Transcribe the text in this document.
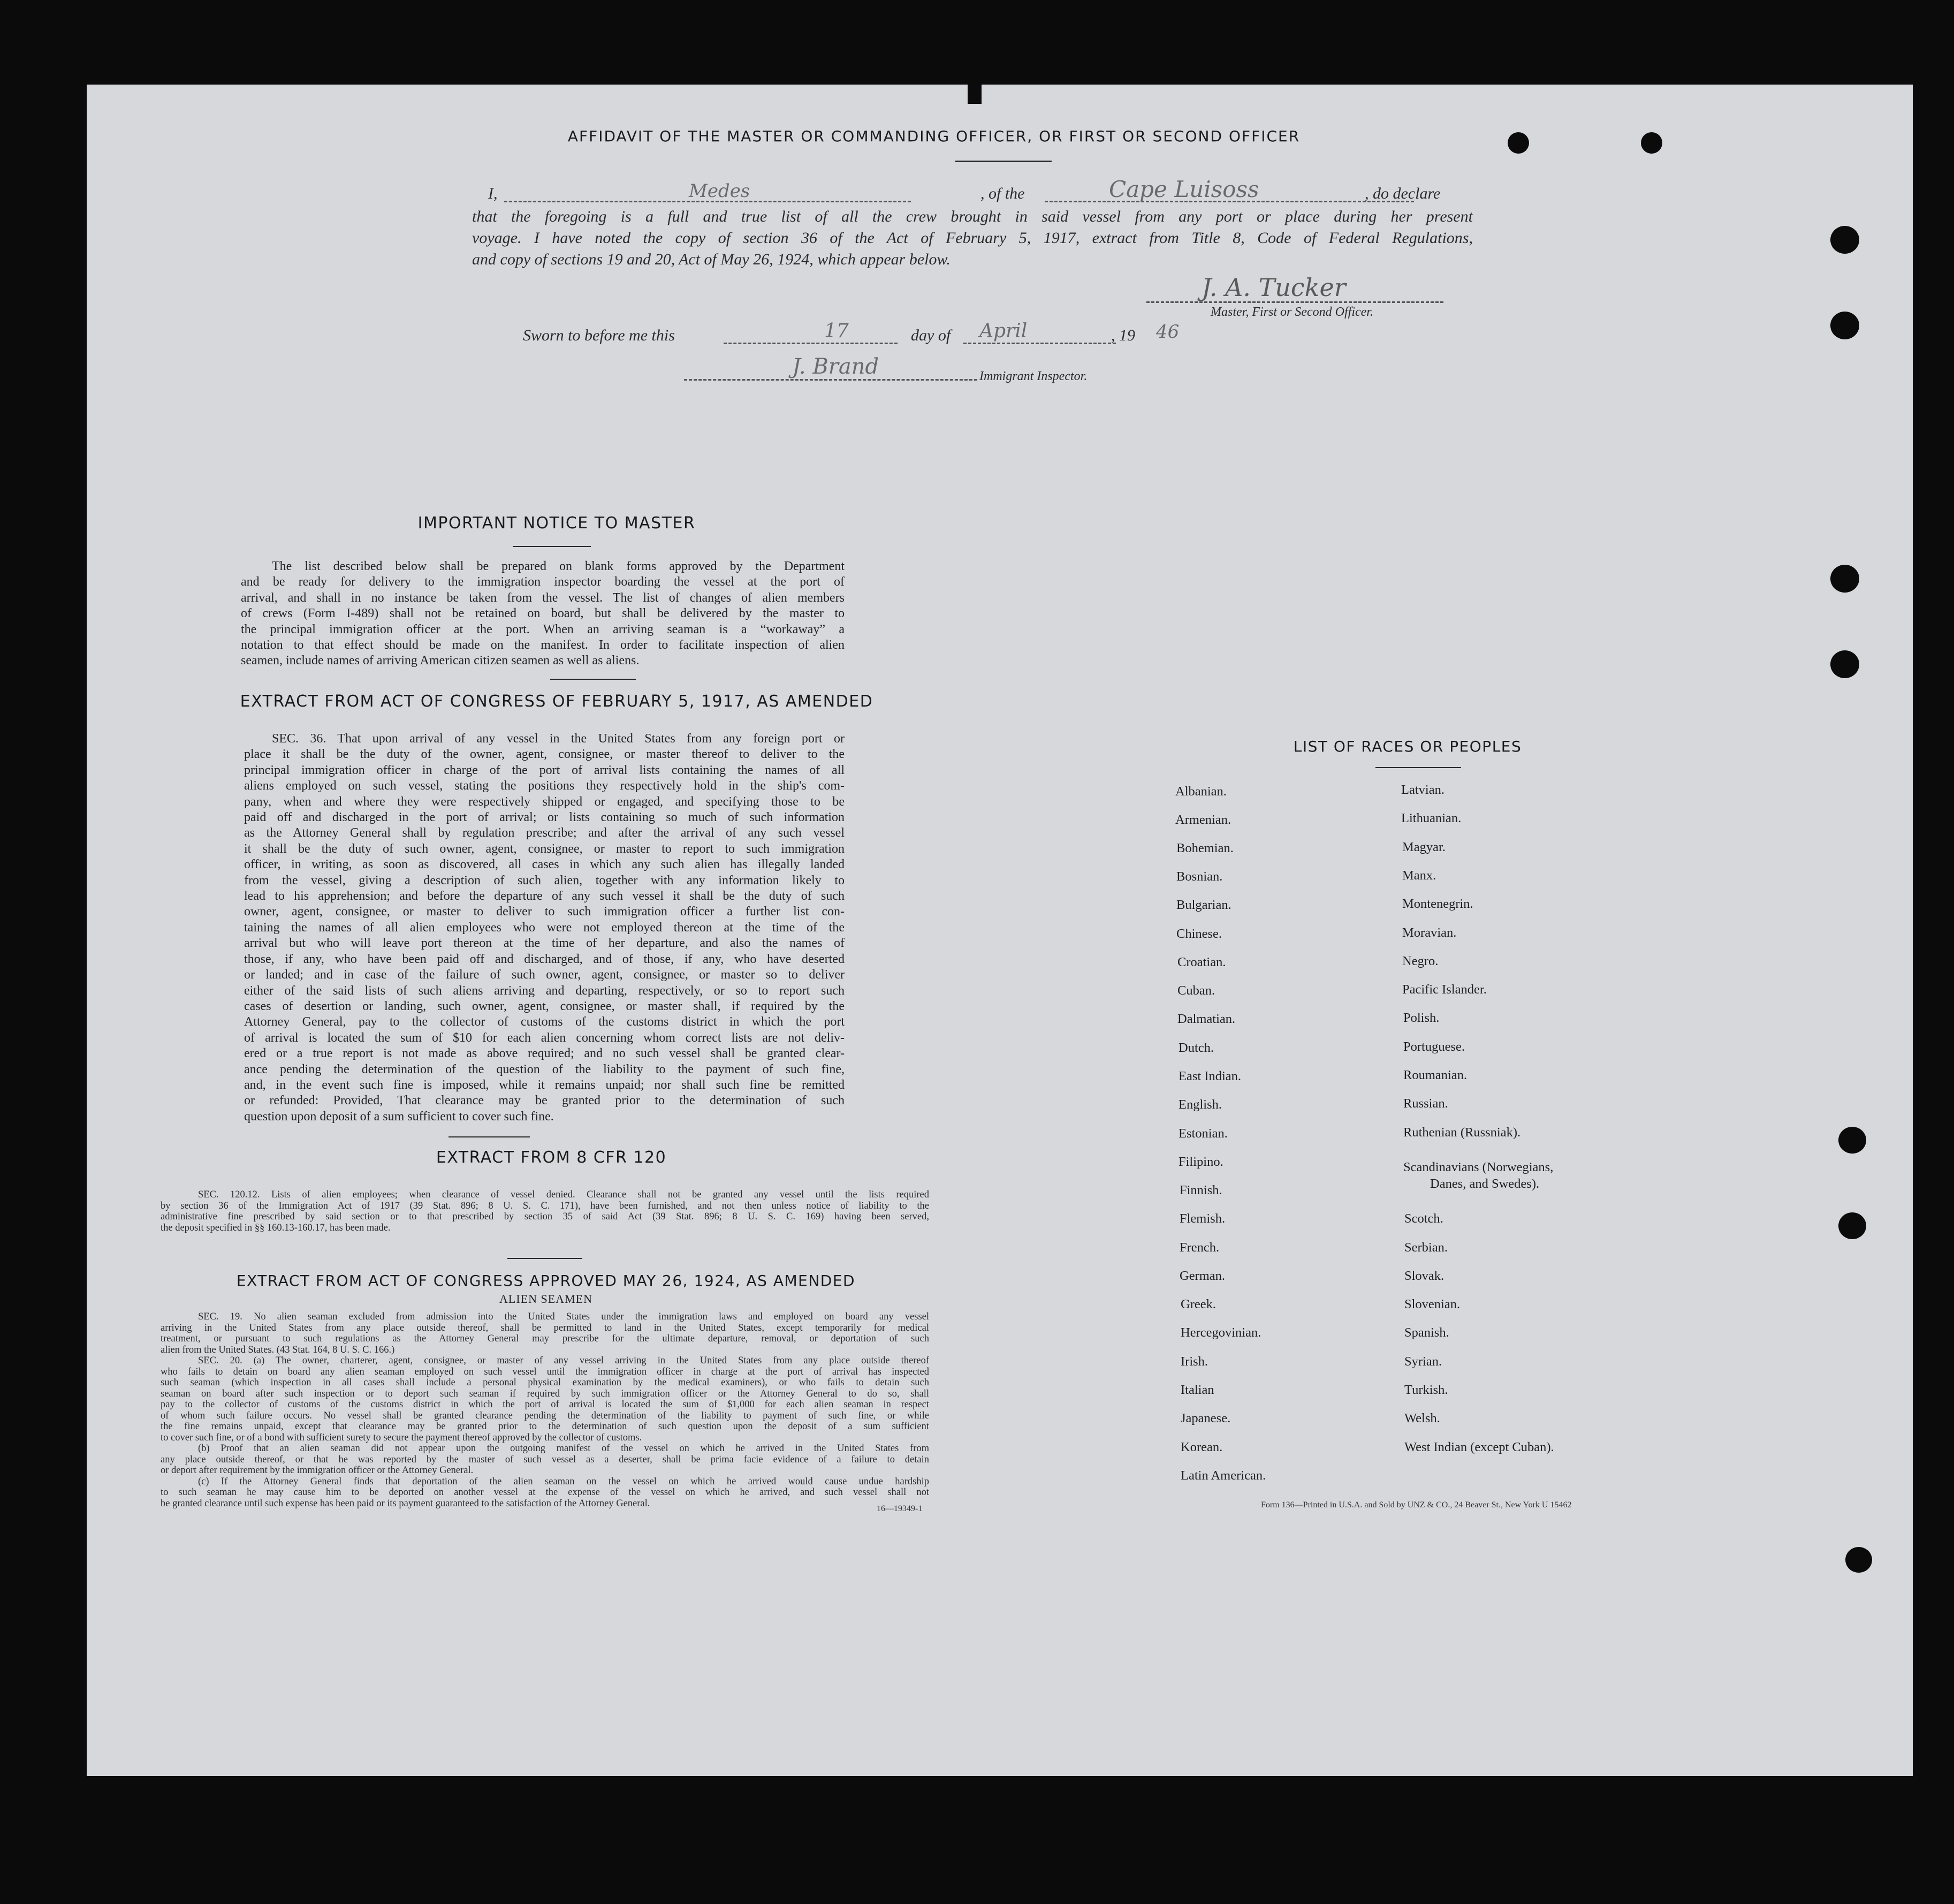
AFFIDAVIT OF THE MASTER OR COMMANDING OFFICER, OR FIRST OR SECOND OFFICER
I,	Medes	, of the	Cape Luisoss	, do declare
that the foregoing is a full and true list of all the crew brought in said vessel from any port or place during her present
voyage. I have noted the copy of section 36 of the Act of February 5, 1917, extract from Title 8, Code of Federal Regulations,
and copy of sections 19 and 20, Act of May 26, 1924, which appear below.
J. A. Tucker
Master, First or Second Officer.
Sworn to before me this	17	day of April	, 19 46
J. Brand	Immigrant Inspector.
IMPORTANT NOTICE TO MASTER
The list described below shall be prepared on blank forms approved by the Department
and be ready for delivery to the immigration inspector boarding the vessel at the port of
arrival, and shall in no instance be taken from the vessel. The list of changes of alien members
of crews (Form I-489) shall not be retained on board, but shall be delivered by the master to
the principal immigration officer at the port. When an arriving seaman is a “workaway” a
notation to that effect should be made on the manifest. In order to facilitate inspection of alien
seamen, include names of arriving American citizen seamen as well as aliens.
EXTRACT FROM ACT OF CONGRESS OF FEBRUARY 5, 1917, AS AMENDED
SEC. 36. That upon arrival of any vessel in the United States from any foreign port or
place it shall be the duty of the owner, agent, consignee, or master thereof to deliver to the
principal immigration officer in charge of the port of arrival lists containing the names of all
aliens employed on such vessel, stating the positions they respectively hold in the ship's com-
pany, when and where they were respectively shipped or engaged, and specifying those to be
paid off and discharged in the port of arrival; or lists containing so much of such information
as the Attorney General shall by regulation prescribe; and after the arrival of any such vessel
it shall be the duty of such owner, agent, consignee, or master to report to such immigration
officer, in writing, as soon as discovered, all cases in which any such alien has illegally landed
from the vessel, giving a description of such alien, together with any information likely to
lead to his apprehension; and before the departure of any such vessel it shall be the duty of such
owner, agent, consignee, or master to deliver to such immigration officer a further list con-
taining the names of all alien employees who were not employed thereon at the time of the
arrival but who will leave port thereon at the time of her departure, and also the names of
those, if any, who have been paid off and discharged, and of those, if any, who have deserted
or landed; and in case of the failure of such owner, agent, consignee, or master so to deliver
either of the said lists of such aliens arriving and departing, respectively, or so to report such
cases of desertion or landing, such owner, agent, consignee, or master shall, if required by the
Attorney General, pay to the collector of customs of the customs district in which the port
of arrival is located the sum of $10 for each alien concerning whom correct lists are not deliv-
ered or a true report is not made as above required; and no such vessel shall be granted clear-
ance pending the determination of the question of the liability to the payment of such fine,
and, in the event such fine is imposed, while it remains unpaid; nor shall such fine be remitted
or refunded: Provided, That clearance may be granted prior to the determination of such
question upon deposit of a sum sufficient to cover such fine.
EXTRACT FROM 8 CFR 120
SEC. 120.12. Lists of alien employees; when clearance of vessel denied. Clearance shall not be granted any vessel until the lists required
by section 36 of the Immigration Act of 1917 (39 Stat. 896; 8 U. S. C. 171), have been furnished, and not then unless notice of liability to the
administrative fine prescribed by said section or to that prescribed by section 35 of said Act (39 Stat. 896; 8 U. S. C. 169) having been served,
the deposit specified in §§ 160.13-160.17, has been made.
EXTRACT FROM ACT OF CONGRESS APPROVED MAY 26, 1924, AS AMENDED
ALIEN SEAMEN
SEC. 19. No alien seaman excluded from admission into the United States under the immigration laws and employed on board any vessel
arriving in the United States from any place outside thereof, shall be permitted to land in the United States, except temporarily for medical
treatment, or pursuant to such regulations as the Attorney General may prescribe for the ultimate departure, removal, or deportation of such
alien from the United States. (43 Stat. 164, 8 U. S. C. 166.)
SEC. 20. (a) The owner, charterer, agent, consignee, or master of any vessel arriving in the United States from any place outside thereof
who fails to detain on board any alien seaman employed on such vessel until the immigration officer in charge at the port of arrival has inspected
such seaman (which inspection in all cases shall include a personal physical examination by the medical examiners), or who fails to detain such
seaman on board after such inspection or to deport such seaman if required by such immigration officer or the Attorney General to do so, shall
pay to the collector of customs of the customs district in which the port of arrival is located the sum of $1,000 for each alien seaman in respect
of whom such failure occurs. No vessel shall be granted clearance pending the determination of the liability to payment of such fine, or while
the fine remains unpaid, except that clearance may be granted prior to the determination of such question upon the deposit of a sum sufficient
to cover such fine, or of a bond with sufficient surety to secure the payment thereof approved by the collector of customs.
(b) Proof that an alien seaman did not appear upon the outgoing manifest of the vessel on which he arrived in the United States from
any place outside thereof, or that he was reported by the master of such vessel as a deserter, shall be prima facie evidence of a failure to detain
or deport after requirement by the immigration officer or the Attorney General.
(c) If the Attorney General finds that deportation of the alien seaman on the vessel on which he arrived would cause undue hardship
to such seaman he may cause him to be deported on another vessel at the expense of the vessel on which he arrived, and such vessel shall not
be granted clearance until such expense has been paid or its payment guaranteed to the satisfaction of the Attorney General.	16—19349-1
LIST OF RACES OR PEOPLES
Albanian.
Armenian.
Bohemian.
Bosnian.
Bulgarian.
Chinese.
Croatian.
Cuban.
Dalmatian.
Dutch.
East Indian.
English.
Estonian.
Filipino.
Finnish.
Flemish.
French.
German.
Greek.
Hercegovinian.
Irish.
Italian
Japanese.
Korean.
Latin American.
Latvian.
Lithuanian.
Magyar.
Manx.
Montenegrin.
Moravian.
Negro.
Pacific Islander.
Polish.
Portuguese.
Roumanian.
Russian.
Ruthenian (Russniak).
Scandinavians (Norwegians,
Danes, and Swedes).
Scotch.
Serbian.
Slovak.
Slovenian.
Spanish.
Syrian.
Turkish.
Welsh.
West Indian (except Cuban).
Form 136—Printed in U.S.A. and Sold by UNZ & CO., 24 Beaver St., New York U 15462
